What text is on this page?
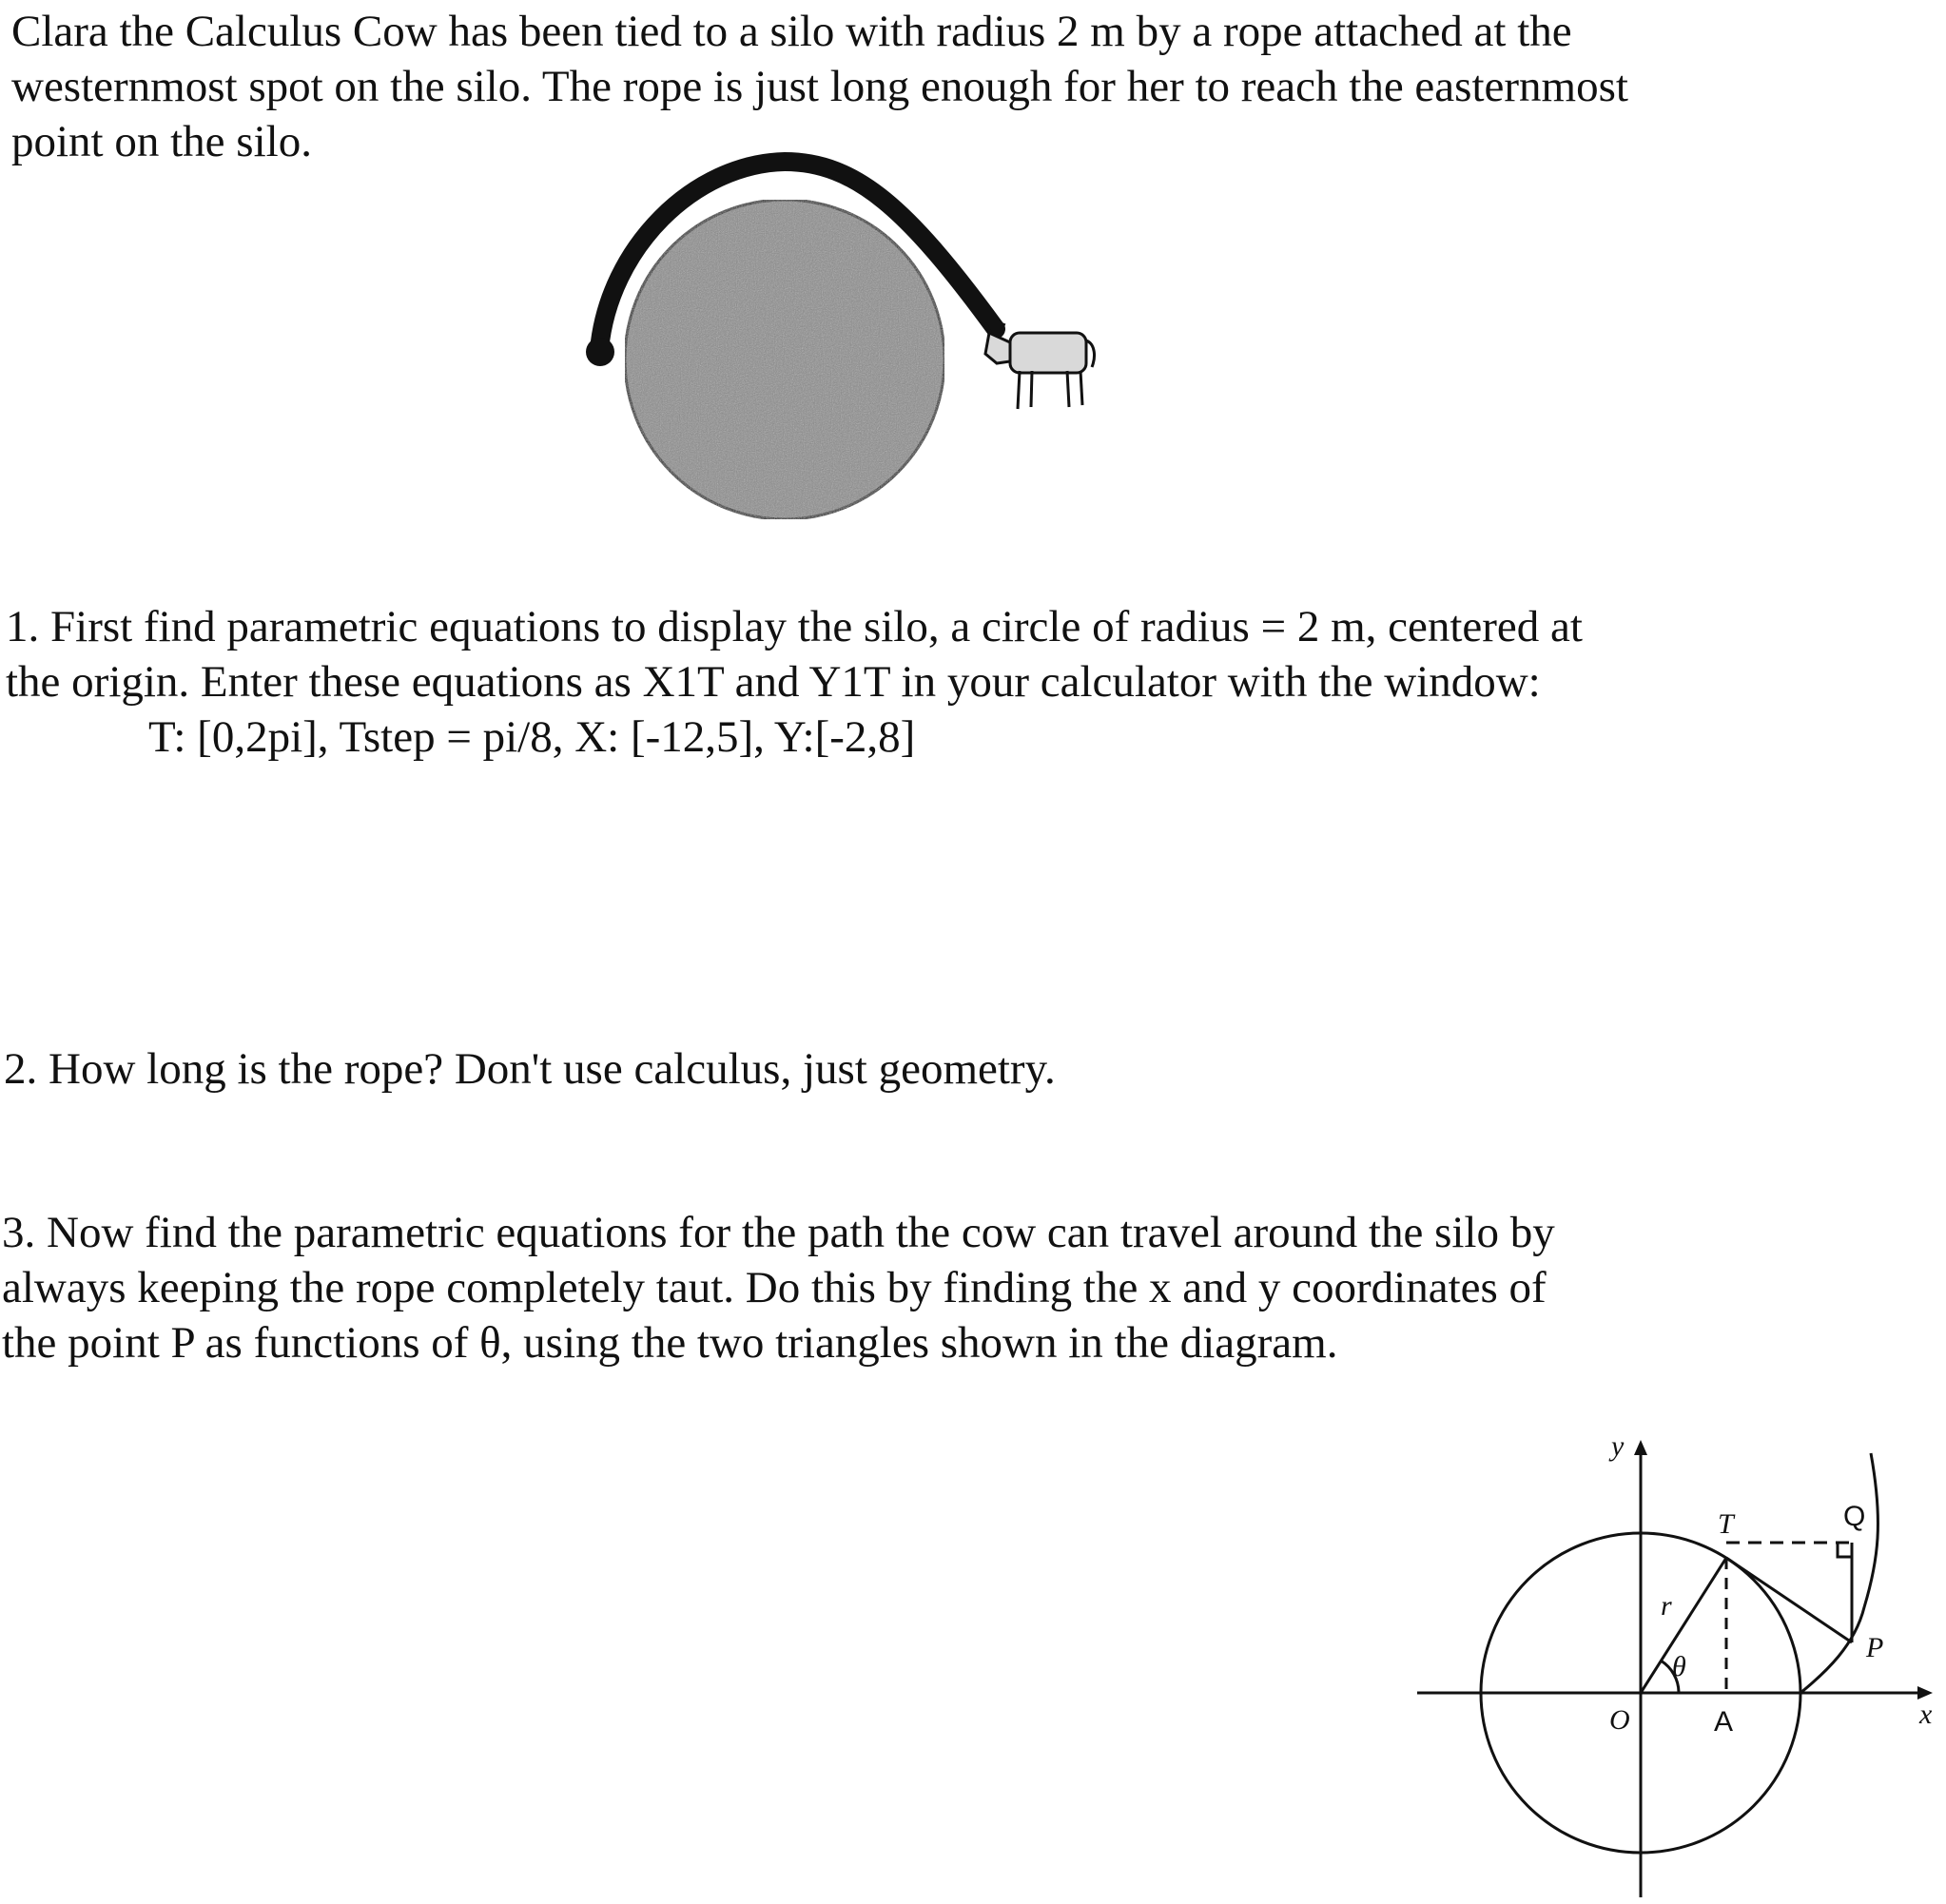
Clara the Calculus Cow has been tied to a silo with radius 2 m by a rope attached at the
westernmost spot on the silo. The rope is just long enough for her to reach the easternmost
point on the silo.
1. First find parametric equations to display the silo, a circle of radius = 2 m, centered at
the origin. Enter these equations as X1T and Y1T in your calculator with the window:
T: [0,2pi], Tstep = pi/8, X: [-12,5], Y:[-2,8]
2. How long is the rope? Don't use calculus, just geometry.
3. Now find the parametric equations for the path the cow can travel around the silo by
always keeping the rope completely taut. Do this by finding the x and y coordinates of
the point P as functions of θ, using the two triangles shown in the diagram.
y
x
O	A
T	Q
P
r
θ
